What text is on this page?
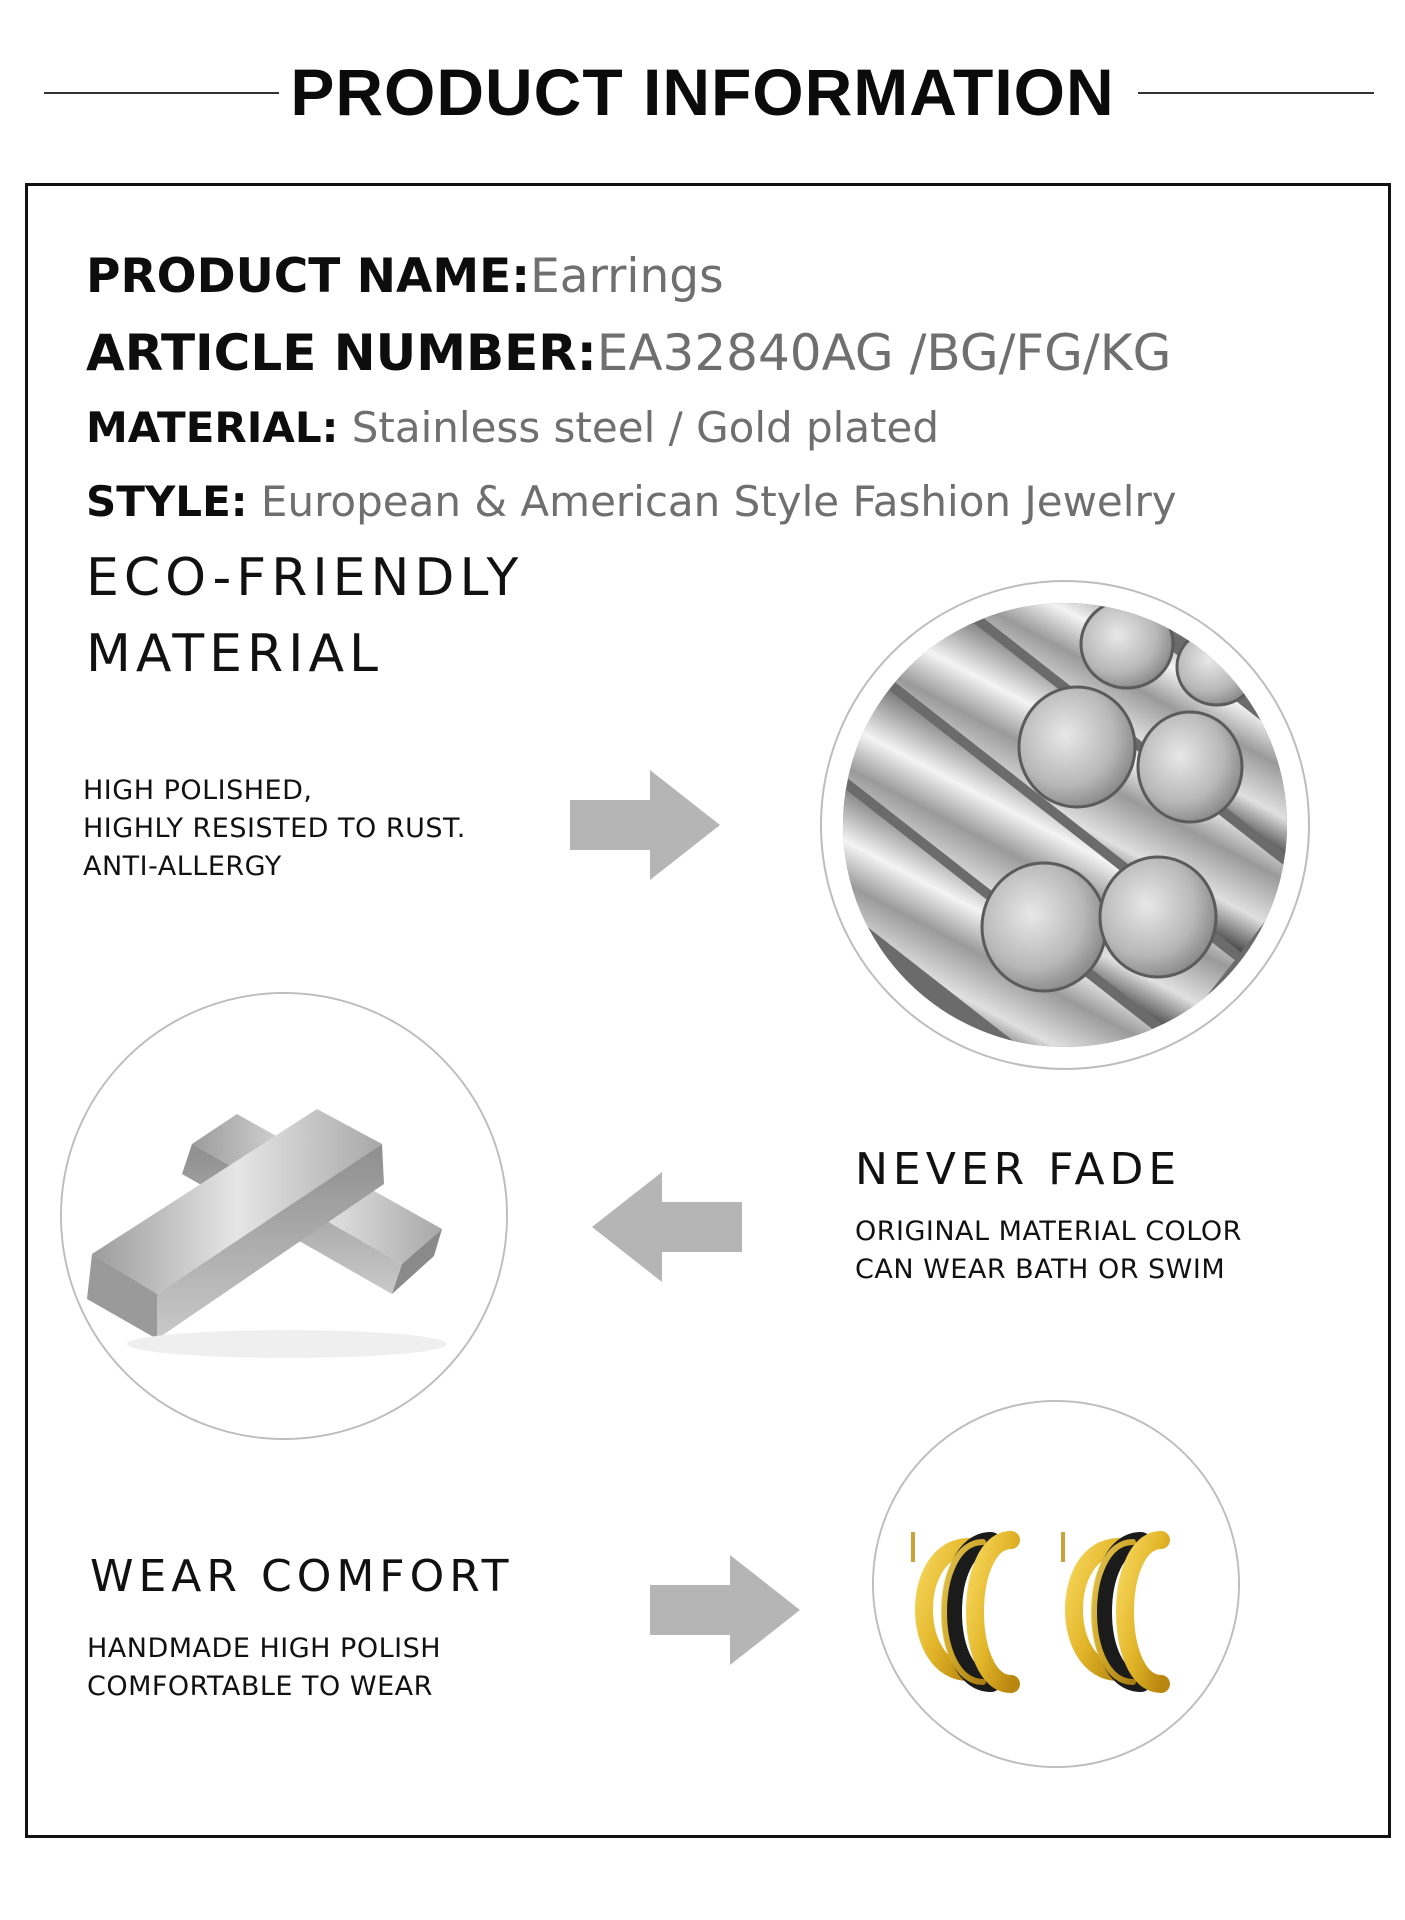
PRODUCT INFORMATION
PRODUCT NAME:Earrings
ARTICLE NUMBER:EA32840AG /BG/FG/KG
MATERIAL: Stainless steel / Gold plated
STYLE: European & American Style Fashion Jewelry
ECO-FRIENDLY
MATERIAL
HIGH POLISHED,
HIGHLY RESISTED TO RUST.
ANTI-ALLERGY
NEVER FADE
ORIGINAL MATERIAL COLOR
CAN WEAR BATH OR SWIM
WEAR COMFORT
HANDMADE HIGH POLISH
COMFORTABLE TO WEAR
